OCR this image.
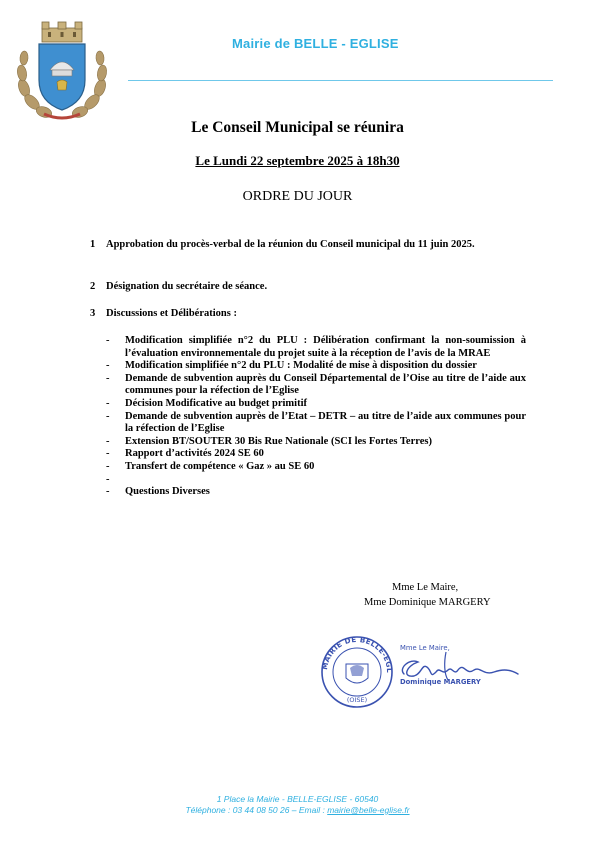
Mairie de BELLE - EGLISE
Le Conseil Municipal se réunira
Le Lundi 22 septembre 2025 à 18h30
ORDRE DU JOUR
1 Approbation du procès-verbal de la réunion du Conseil municipal du 11 juin 2025.
2 Désignation du secrétaire de séance.
3 Discussions et Délibérations :
- Modification simplifiée n°2 du PLU : Délibération confirmant la non-soumission à l’évaluation environnementale du projet suite à la réception de l’avis de la MRAE
- Modification simplifiée n°2 du PLU : Modalité de mise à disposition du dossier
- Demande de subvention auprès du Conseil Départemental de l’Oise au titre de l’aide aux communes pour la réfection de l’Eglise
- Décision Modificative au budget primitif
- Demande de subvention auprès de l’Etat – DETR – au titre de l’aide aux communes pour la réfection de l’Eglise
- Extension BT/SOUTER 30 Bis Rue Nationale (SCI les Fortes Terres)
- Rapport d’activités 2024 SE 60
- Transfert de compétence « Gaz » au SE 60
-
- Questions Diverses
Mme Le Maire,
Mme Dominique MARGERY
MAIRIE DE BELLE-EGL
(OISE)
Mme Le Maire,
Dominique MARGERY
1 Place la Mairie - BELLE-EGLISE - 60540
Téléphone : 03 44 08 50 26 – Email : mairie@belle-eglise.fr
